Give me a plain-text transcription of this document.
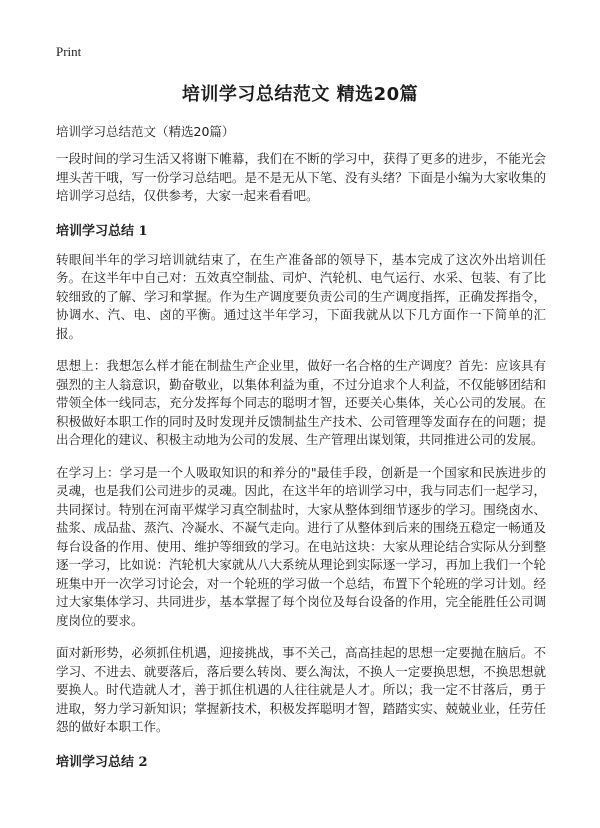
Print
培训学习总结范文 精选20篇

培训学习总结范文（精选20篇）

一段时间的学习生活又将谢下帷幕，我们在不断的学习中，获得了更多的进步，不能光会埋头苦干哦，写一份学习总结吧。是不是无从下笔、没有头绪？下面是小编为大家收集的培训学习总结，仅供参考，大家一起来看看吧。

培训学习总结 1

转眼间半年的学习培训就结束了，在生产准备部的领导下，基本完成了这次外出培训任务。在这半年中自己对：五效真空制盐、司炉、汽轮机、电气运行、水采、包装、有了比较细致的了解、学习和掌握。作为生产调度要负责公司的生产调度指挥，正确发挥指令，协调水、汽、电、卤的平衡。通过这半年学习，下面我就从以下几方面作一下简单的汇报。

思想上：我想怎么样才能在制盐生产企业里，做好一名合格的生产调度？首先：应该具有强烈的主人翁意识，勤奋敬业，以集体利益为重，不过分追求个人利益，不仅能够团结和带领全体一线同志，充分发挥每个同志的聪明才智，还要关心集体，关心公司的发展。在积极做好本职工作的同时及时发现并反馈制盐生产技术、公司管理等发面存在的问题；提出合理化的建议、积极主动地为公司的发展、生产管理出谋划策，共同推进公司的发展。

在学习上：学习是一个人吸取知识的和养分的"最佳手段，创新是一个国家和民族进步的灵魂，也是我们公司进步的灵魂。因此，在这半年的培训学习中，我与同志们一起学习，共同探讨。特别在河南平煤学习真空制盐时，大家从整体到细节逐步的学习。围绕卤水、盐浆、成品盐、蒸汽、冷凝水、不凝气走向。进行了从整体到后来的围绕五稳定一畅通及每台设备的作用、使用、维护等细致的学习。在电站这块：大家从理论结合实际从分到整逐一学习，比如说：汽轮机大家就从八大系统从理论到实际逐一学习，再加上我们一个轮班集中开一次学习讨论会，对一个轮班的学习做一个总结，布置下个轮班的学习计划。经过大家集体学习、共同进步，基本掌握了每个岗位及每台设备的作用，完全能胜任公司调度岗位的要求。

面对新形势，必须抓住机遇，迎接挑战，事不关己，高高挂起的思想一定要抛在脑后。不学习、不进去、就要落后，落后要么转岗、要么淘汰，不换人一定要换思想，不换思想就要换人。时代造就人才，善于抓住机遇的人往往就是人才。所以；我一定不甘落后，勇于进取，努力学习新知识；掌握新技术，积极发挥聪明才智，踏踏实实、兢兢业业，任劳任怨的做好本职工作。

培训学习总结 2
